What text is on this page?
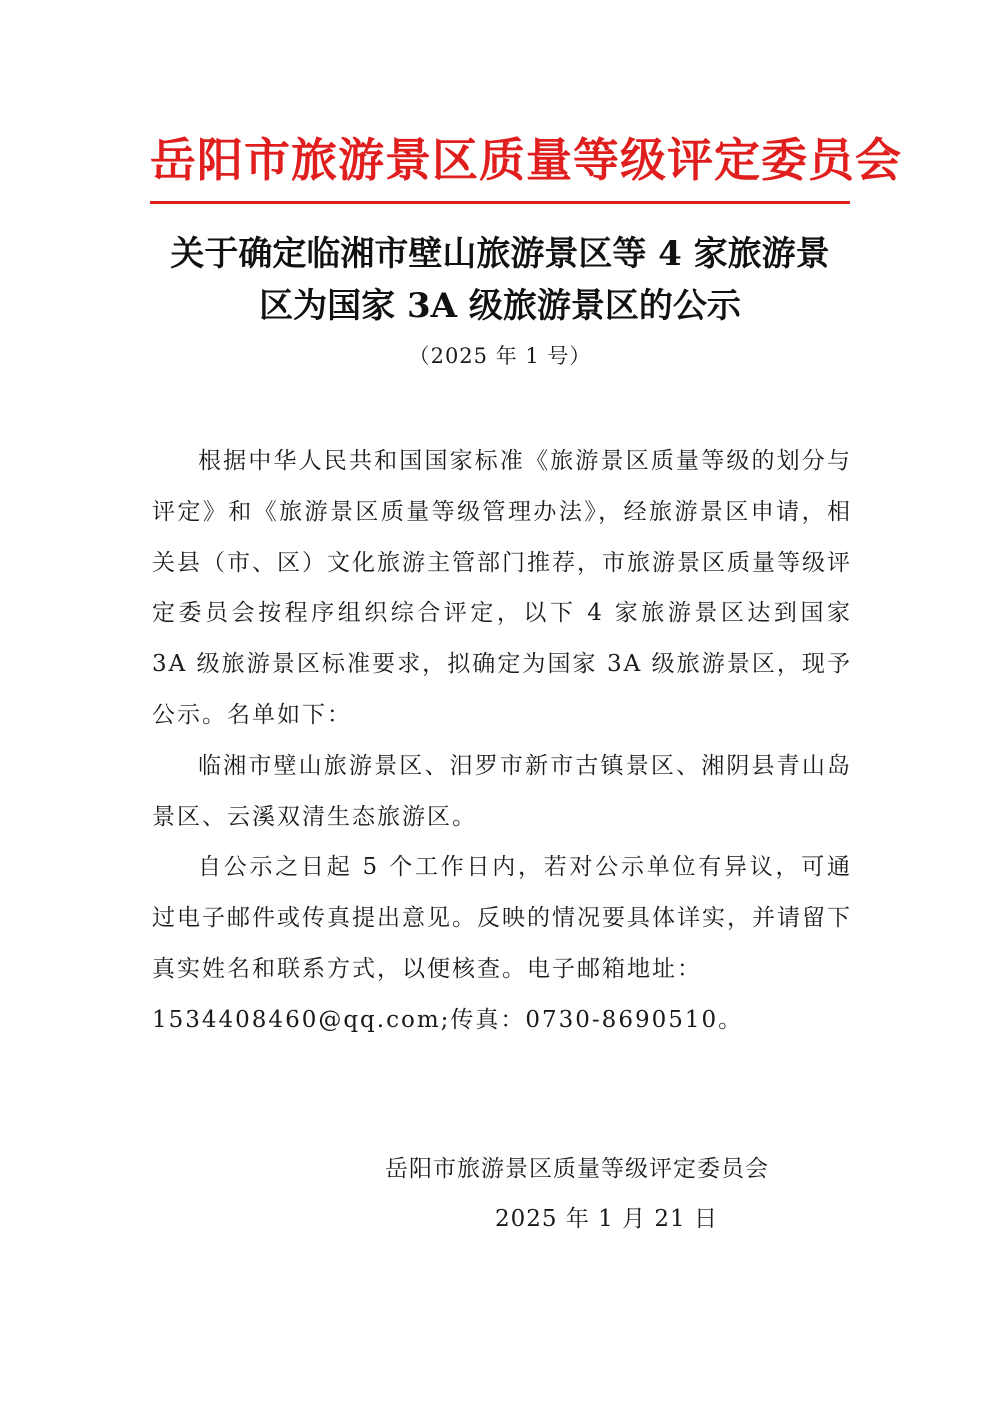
岳阳市旅游景区质量等级评定委员会
关于确定临湘市壁山旅游景区等 4 家旅游景
区为国家 3A 级旅游景区的公示
（2025 年 1 号）

根据中华人民共和国国家标准《旅游景区质量等级的划分与评定》和《旅游景区质量等级管理办法》，经旅游景区申请，相关县（市、区）文化旅游主管部门推荐，市旅游景区质量等级评定委员会按程序组织综合评定，以下 4 家旅游景区达到国家 3A 级旅游景区标准要求，拟确定为国家 3A 级旅游景区，现予公示。名单如下：

临湘市壁山旅游景区、汨罗市新市古镇景区、湘阴县青山岛景区、云溪双清生态旅游区。

自公示之日起 5 个工作日内，若对公示单位有异议，可通过电子邮件或传真提出意见。反映的情况要具体详实，并请留下真实姓名和联系方式，以便核查。电子邮箱地址：

1534408460@qq.com;传真：0730-8690510。

岳阳市旅游景区质量等级评定委员会
2025 年 1 月 21 日
